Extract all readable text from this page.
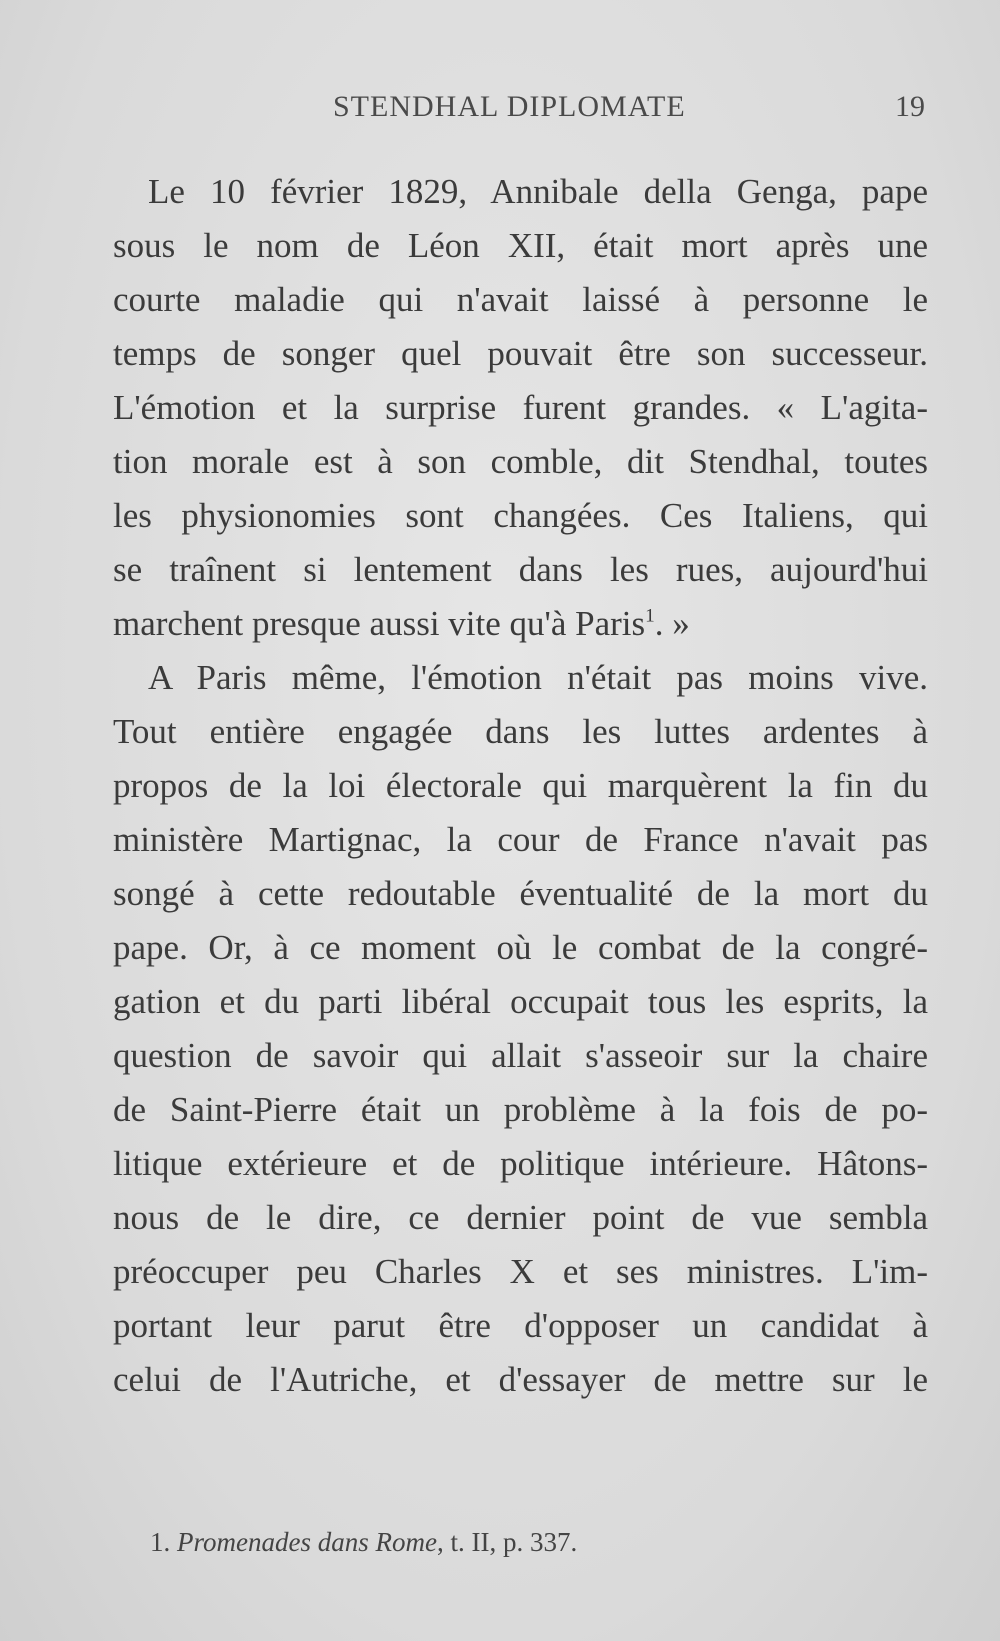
STENDHAL DIPLOMATE	19
Le 10 février 1829, Annibale della Genga, pape
sous le nom de Léon XII, était mort après une
courte maladie qui n'avait laissé à personne le
temps de songer quel pouvait être son successeur.
L'émotion et la surprise furent grandes. « L'agita-
tion morale est à son comble, dit Stendhal, toutes
les physionomies sont changées. Ces Italiens, qui
se traînent si lentement dans les rues, aujourd'hui
marchent presque aussi vite qu'à Paris$^1$. »
A Paris même, l'émotion n'était pas moins vive.
Tout entière engagée dans les luttes ardentes à
propos de la loi électorale qui marquèrent la fin du
ministère Martignac, la cour de France n'avait pas
songé à cette redoutable éventualité de la mort du
pape. Or, à ce moment où le combat de la congré-
gation et du parti libéral occupait tous les esprits, la
question de savoir qui allait s'asseoir sur la chaire
de Saint-Pierre était un problème à la fois de po-
litique extérieure et de politique intérieure. Hâtons-
nous de le dire, ce dernier point de vue sembla
préoccuper peu Charles X et ses ministres. L'im-
portant leur parut être d'opposer un candidat à
celui de l'Autriche, et d'essayer de mettre sur le
1. Promenades dans Rome, t. II, p. 337.
